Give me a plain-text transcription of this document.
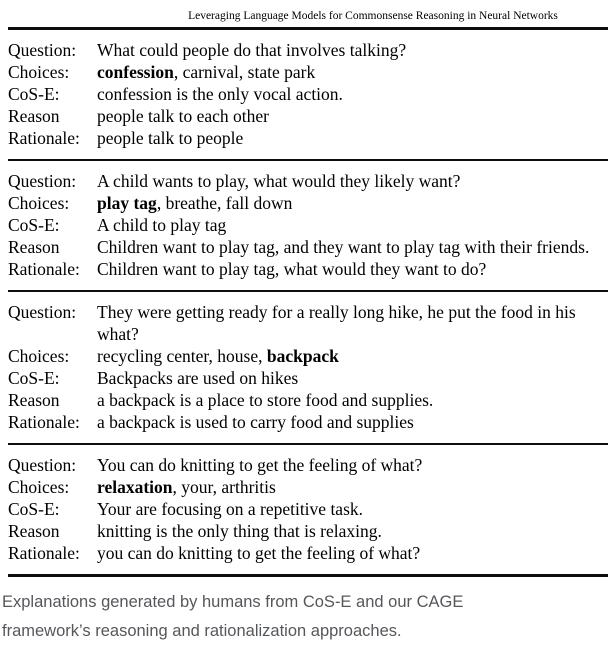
Leveraging Language Models for Commonsense Reasoning in Neural Networks
Question:	What could people do that involves talking?
Choices:	confession, carnival, state park
CoS-E:	confession is the only vocal action.
Reason	people talk to each other
Rationale: people talk to people
Question:	A child wants to play, what would they likely want?
Choices:	play tag, breathe, fall down
CoS-E:	A child to play tag
Reason	Children want to play tag, and they want to play tag with their friends.
Rationale: Children want to play tag, what would they want to do?
Question:	They were getting ready for a really long hike, he put the food in his what?
Choices:	recycling center, house, backpack
CoS-E:	Backpacks are used on hikes
Reason	a backpack is a place to store food and supplies.
Rationale: a backpack is used to carry food and supplies
Question:	You can do knitting to get the feeling of what?
Choices:	relaxation, your, arthritis
CoS-E:	Your are focusing on a repetitive task.
Reason	knitting is the only thing that is relaxing.
Rationale: you can do knitting to get the feeling of what?
Explanations generated by humans from CoS-E and our CAGE framework’s reasoning and rationalization approaches.
